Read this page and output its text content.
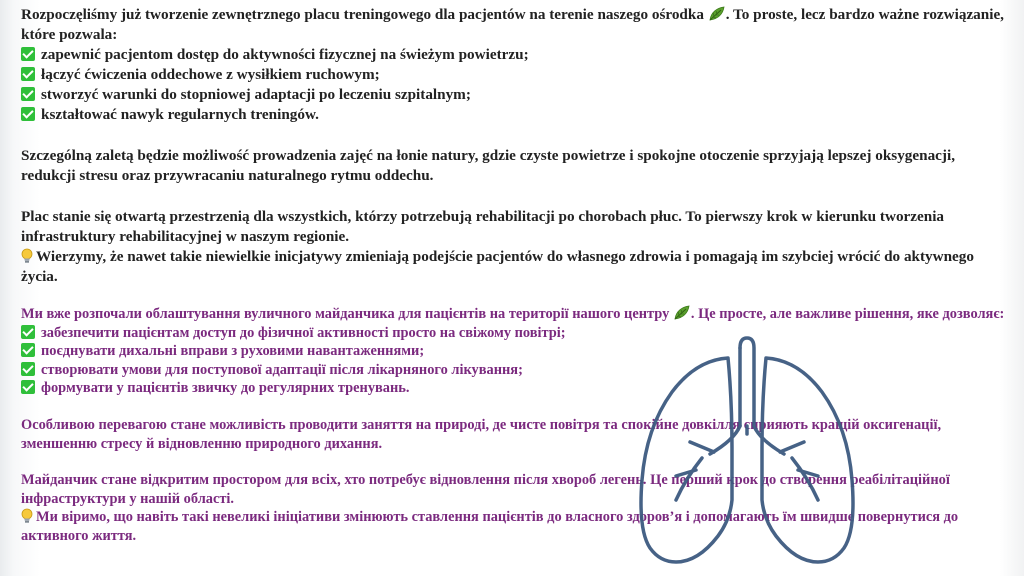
Rozpoczęliśmy już tworzenie zewnętrznego placu treningowego dla pacjentów na terenie naszego ośrodka . To proste, lecz bardzo ważne rozwiązanie, które pozwala:
zapewnić pacjentom dostęp do aktywności fizycznej na świeżym powietrzu;
łączyć ćwiczenia oddechowe z wysiłkiem ruchowym;
stworzyć warunki do stopniowej adaptacji po leczeniu szpitalnym;
kształtować nawyk regularnych treningów.
Szczególną zaletą będzie możliwość prowadzenia zajęć na łonie natury, gdzie czyste powietrze i spokojne otoczenie sprzyjają lepszej oksygenacji, redukcji stresu oraz przywracaniu naturalnego rytmu oddechu.
Plac stanie się otwartą przestrzenią dla wszystkich, którzy potrzebują rehabilitacji po chorobach płuc. To pierwszy krok w kierunku tworzenia infrastruktury rehabilitacyjnej w naszym regionie.
Wierzymy, że nawet takie niewielkie inicjatywy zmieniają podejście pacjentów do własnego zdrowia i pomagają im szybciej wrócić do aktywnego życia.
Ми вже розпочали облаштування вуличного майданчика для пацієнтів на території нашого центру . Це просте, але важливе рішення, яке дозволяє:
забезпечити пацієнтам доступ до фізичної активності просто на свіжому повітрі;
поєднувати дихальні вправи з руховими навантаженнями;
створювати умови для поступової адаптації після лікарняного лікування;
формувати у пацієнтів звичку до регулярних тренувань.
Особливою перевагою стане можливість проводити заняття на природі, де чисте повітря та спокійне довкілля сприяють кращій оксигенації, зменшенню стресу й відновленню природного дихання.
Майданчик стане відкритим простором для всіх, хто потребує відновлення після хвороб легень. Це перший крок до створення реабілітаційної інфраструктури у нашій області.
Ми віримо, що навіть такі невеликі ініціативи змінюють ставлення пацієнтів до власного здоров’я і допомагають їм швидше повернутися до активного життя.
